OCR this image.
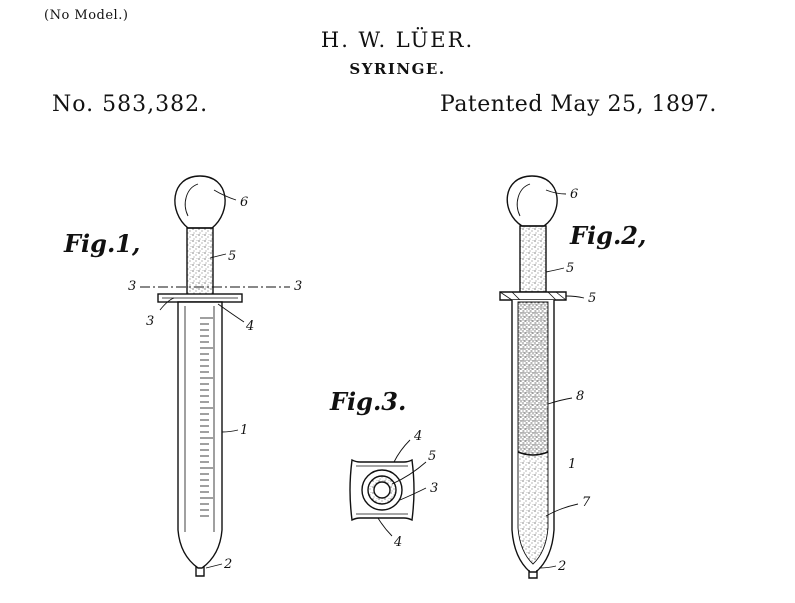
(No Model.)
H. W. LÜER.
SYRINGE.
No. 583,382.	Patented May 25, 1897.
Fig.1,
6
5
3	3
3	4
1
2
Fig.2,
6
5
5
8
1
7
2
Fig.3.
4
5
3
4
